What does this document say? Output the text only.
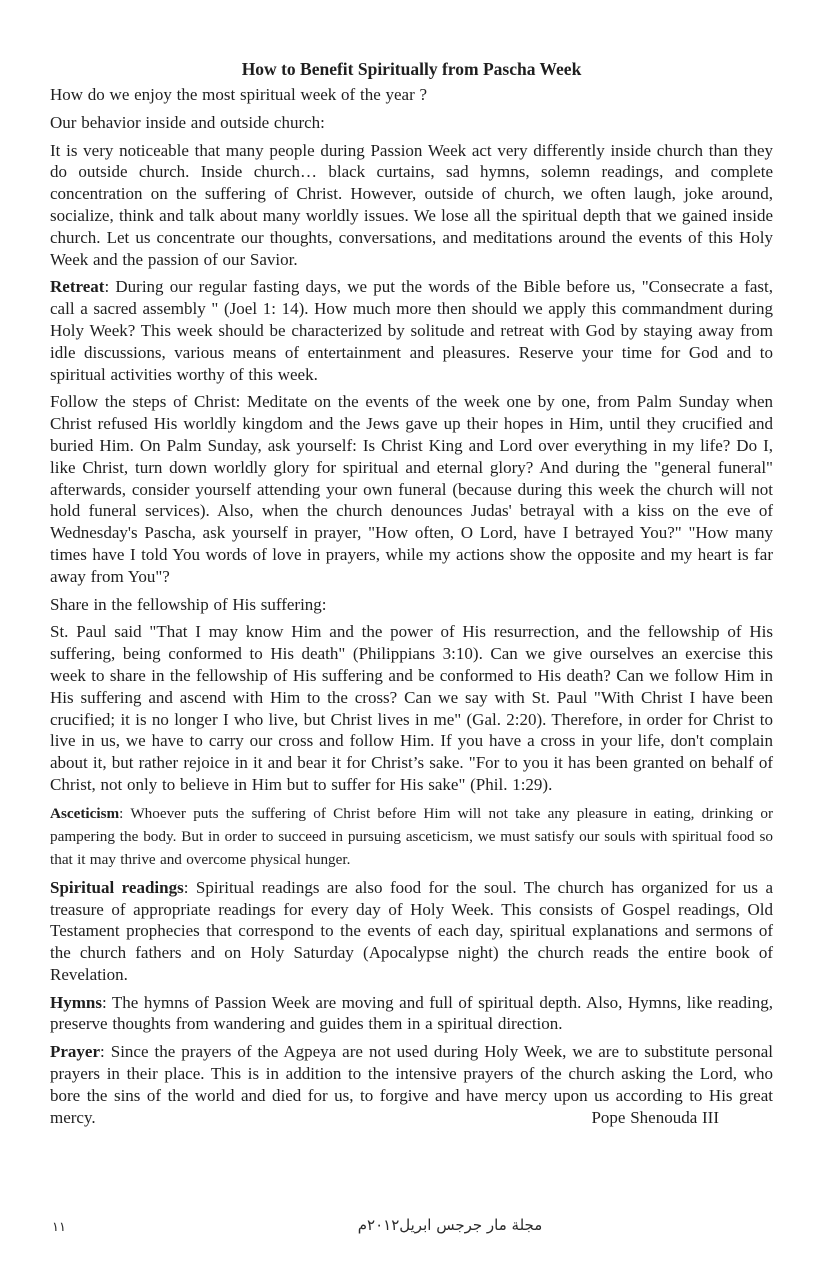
How to Benefit Spiritually from Pascha Week

How do we enjoy the most spiritual week of the year ?

Our behavior inside and outside church:

It is very noticeable that many people during Passion Week act very differently inside church than they do outside church. Inside church… black curtains, sad hymns, solemn readings, and complete concentration on the suffering of Christ. However, outside of church, we often laugh, joke around, socialize, think and talk about many worldly issues. We lose all the spiritual depth that we gained inside church. Let us concentrate our thoughts, conversations, and meditations around the events of this Holy Week and the passion of our Savior.

Retreat: During our regular fasting days, we put the words of the Bible before us, "Consecrate a fast, call a sacred assembly " (Joel 1: 14). How much more then should we apply this commandment during Holy Week? This week should be characterized by solitude and retreat with God by staying away from idle discussions, various means of entertainment and pleasures. Reserve your time for God and to spiritual activities worthy of this week.

Follow the steps of Christ: Meditate on the events of the week one by one, from Palm Sunday when Christ refused His worldly kingdom and the Jews gave up their hopes in Him, until they crucified and buried Him. On Palm Sunday, ask yourself: Is Christ King and Lord over everything in my life? Do I, like Christ, turn down worldly glory for spiritual and eternal glory? And during the "general funeral" afterwards, consider yourself attending your own funeral (because during this week the church will not hold funeral services). Also, when the church denounces Judas' betrayal with a kiss on the eve of Wednesday's Pascha, ask yourself in prayer, "How often, O Lord, have I betrayed You?" "How many times have I told You words of love in prayers, while my actions show the opposite and my heart is far away from You"?

Share in the fellowship of His suffering:

St. Paul said "That I may know Him and the power of His resurrection, and the fellowship of His suffering, being conformed to His death" (Philippians 3:10). Can we give ourselves an exercise this week to share in the fellowship of His suffering and be conformed to His death? Can we follow Him in His suffering and ascend with Him to the cross? Can we say with St. Paul "With Christ I have been crucified; it is no longer I who live, but Christ lives in me" (Gal. 2:20). Therefore, in order for Christ to live in us, we have to carry our cross and follow Him. If you have a cross in your life, don't complain about it, but rather rejoice in it and bear it for Christ’s sake. "For to you it has been granted on behalf of Christ, not only to believe in Him but to suffer for His sake" (Phil. 1:29).

Asceticism: Whoever puts the suffering of Christ before Him will not take any pleasure in eating, drinking or pampering the body. But in order to succeed in pursuing asceticism, we must satisfy our souls with spiritual food so that it may thrive and overcome physical hunger.

Spiritual readings: Spiritual readings are also food for the soul. The church has organized for us a treasure of appropriate readings for every day of Holy Week. This consists of Gospel readings, Old Testament prophecies that correspond to the events of each day, spiritual explanations and sermons of the church fathers and on Holy Saturday (Apocalypse night) the church reads the entire book of Revelation.

Hymns: The hymns of Passion Week are moving and full of spiritual depth. Also, Hymns, like reading, preserve thoughts from wandering and guides them in a spiritual direction.

Prayer: Since the prayers of the Agpeya are not used during Holy Week, we are to substitute personal prayers in their place. This is in addition to the intensive prayers of the church asking the Lord, who bore the sins of the world and died for us, to forgive and have mercy upon us according to His great mercy.	Pope Shenouda III

١١	مجلة مار جرجس ابريل٢٠١٢م
